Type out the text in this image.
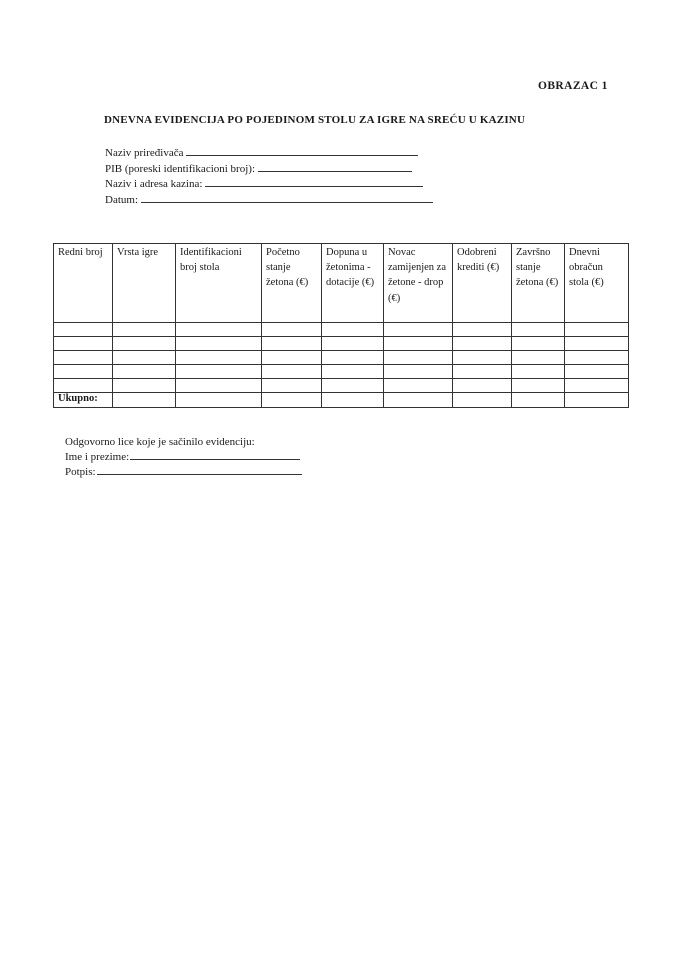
OBRAZAC 1
DNEVNA EVIDENCIJA PO POJEDINOM STOLU ZA IGRE NA SREĆU U KAZINU
Naziv priređivača
PIB (poreski identifikacioni broj):
Naziv i adresa kazina:
Datum:
Redni broj	Vrsta igre	Identifikacioni broj stola	Početno stanje žetona (€)	Dopuna u žetonima - dotacije (€)	Novac zamijenjen za žetone - drop (€)	Odobreni krediti (€)	Završno stanje žetona (€)	Dnevni obračun stola (€)

Ukupno:								
Odgovorno lice koje je sačinilo evidenciju:
Ime i prezime:
Potpis:
